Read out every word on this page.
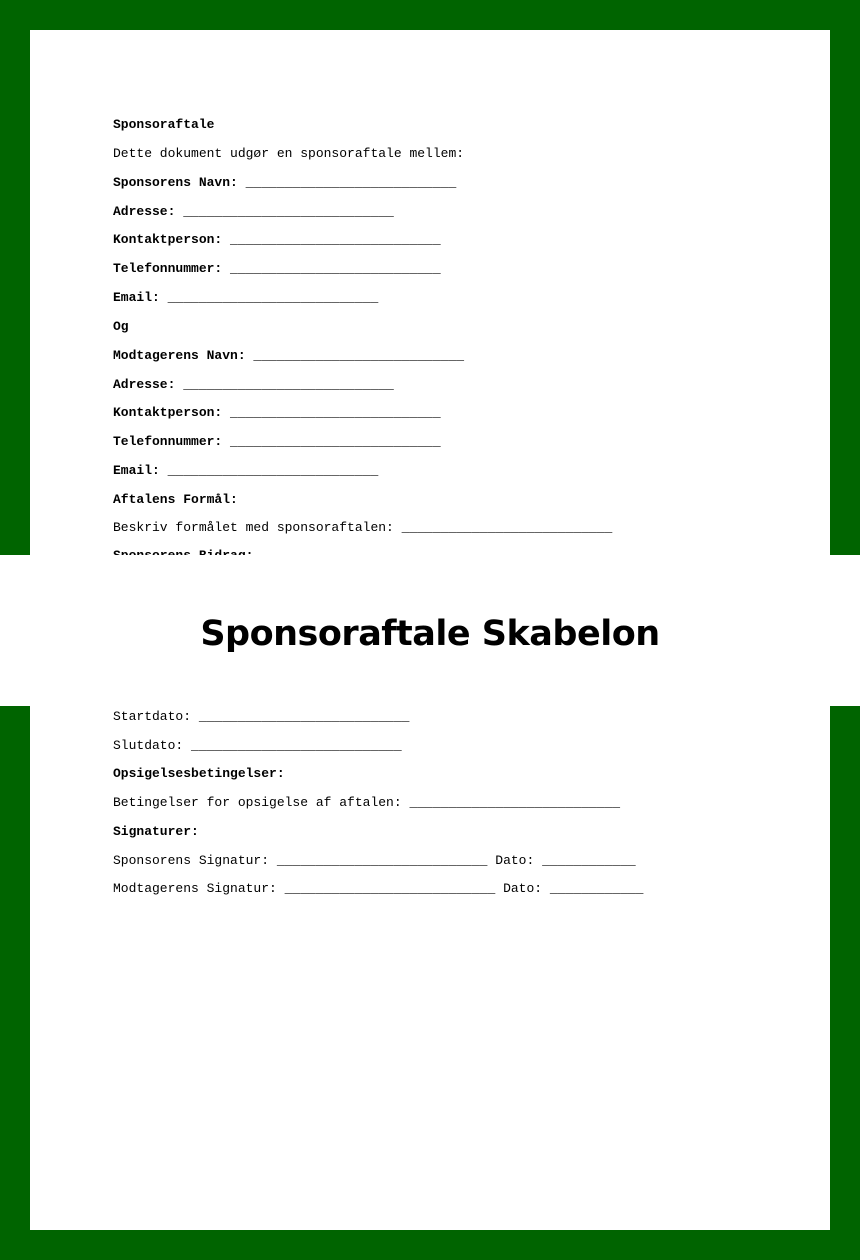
Sponsoraftale
Dette dokument udgør en sponsoraftale mellem:
Sponsorens Navn: ___________________________
Adresse: ___________________________
Kontaktperson: ___________________________
Telefonnummer: ___________________________
Email: ___________________________
Og
Modtagerens Navn: ___________________________
Adresse: ___________________________
Kontaktperson: ___________________________
Telefonnummer: ___________________________
Email: ___________________________
Aftalens Formål:
Beskriv formålet med sponsoraftalen: ___________________________
Sponsoraftale Skabelon
Startdato: ___________________________
Slutdato: ___________________________
Opsigelsesbetingelser:
Betingelser for opsigelse af aftalen: ___________________________
Signaturer:
Sponsorens Signatur: ___________________________ Dato: ____________
Modtagerens Signatur: ___________________________ Dato: ____________
